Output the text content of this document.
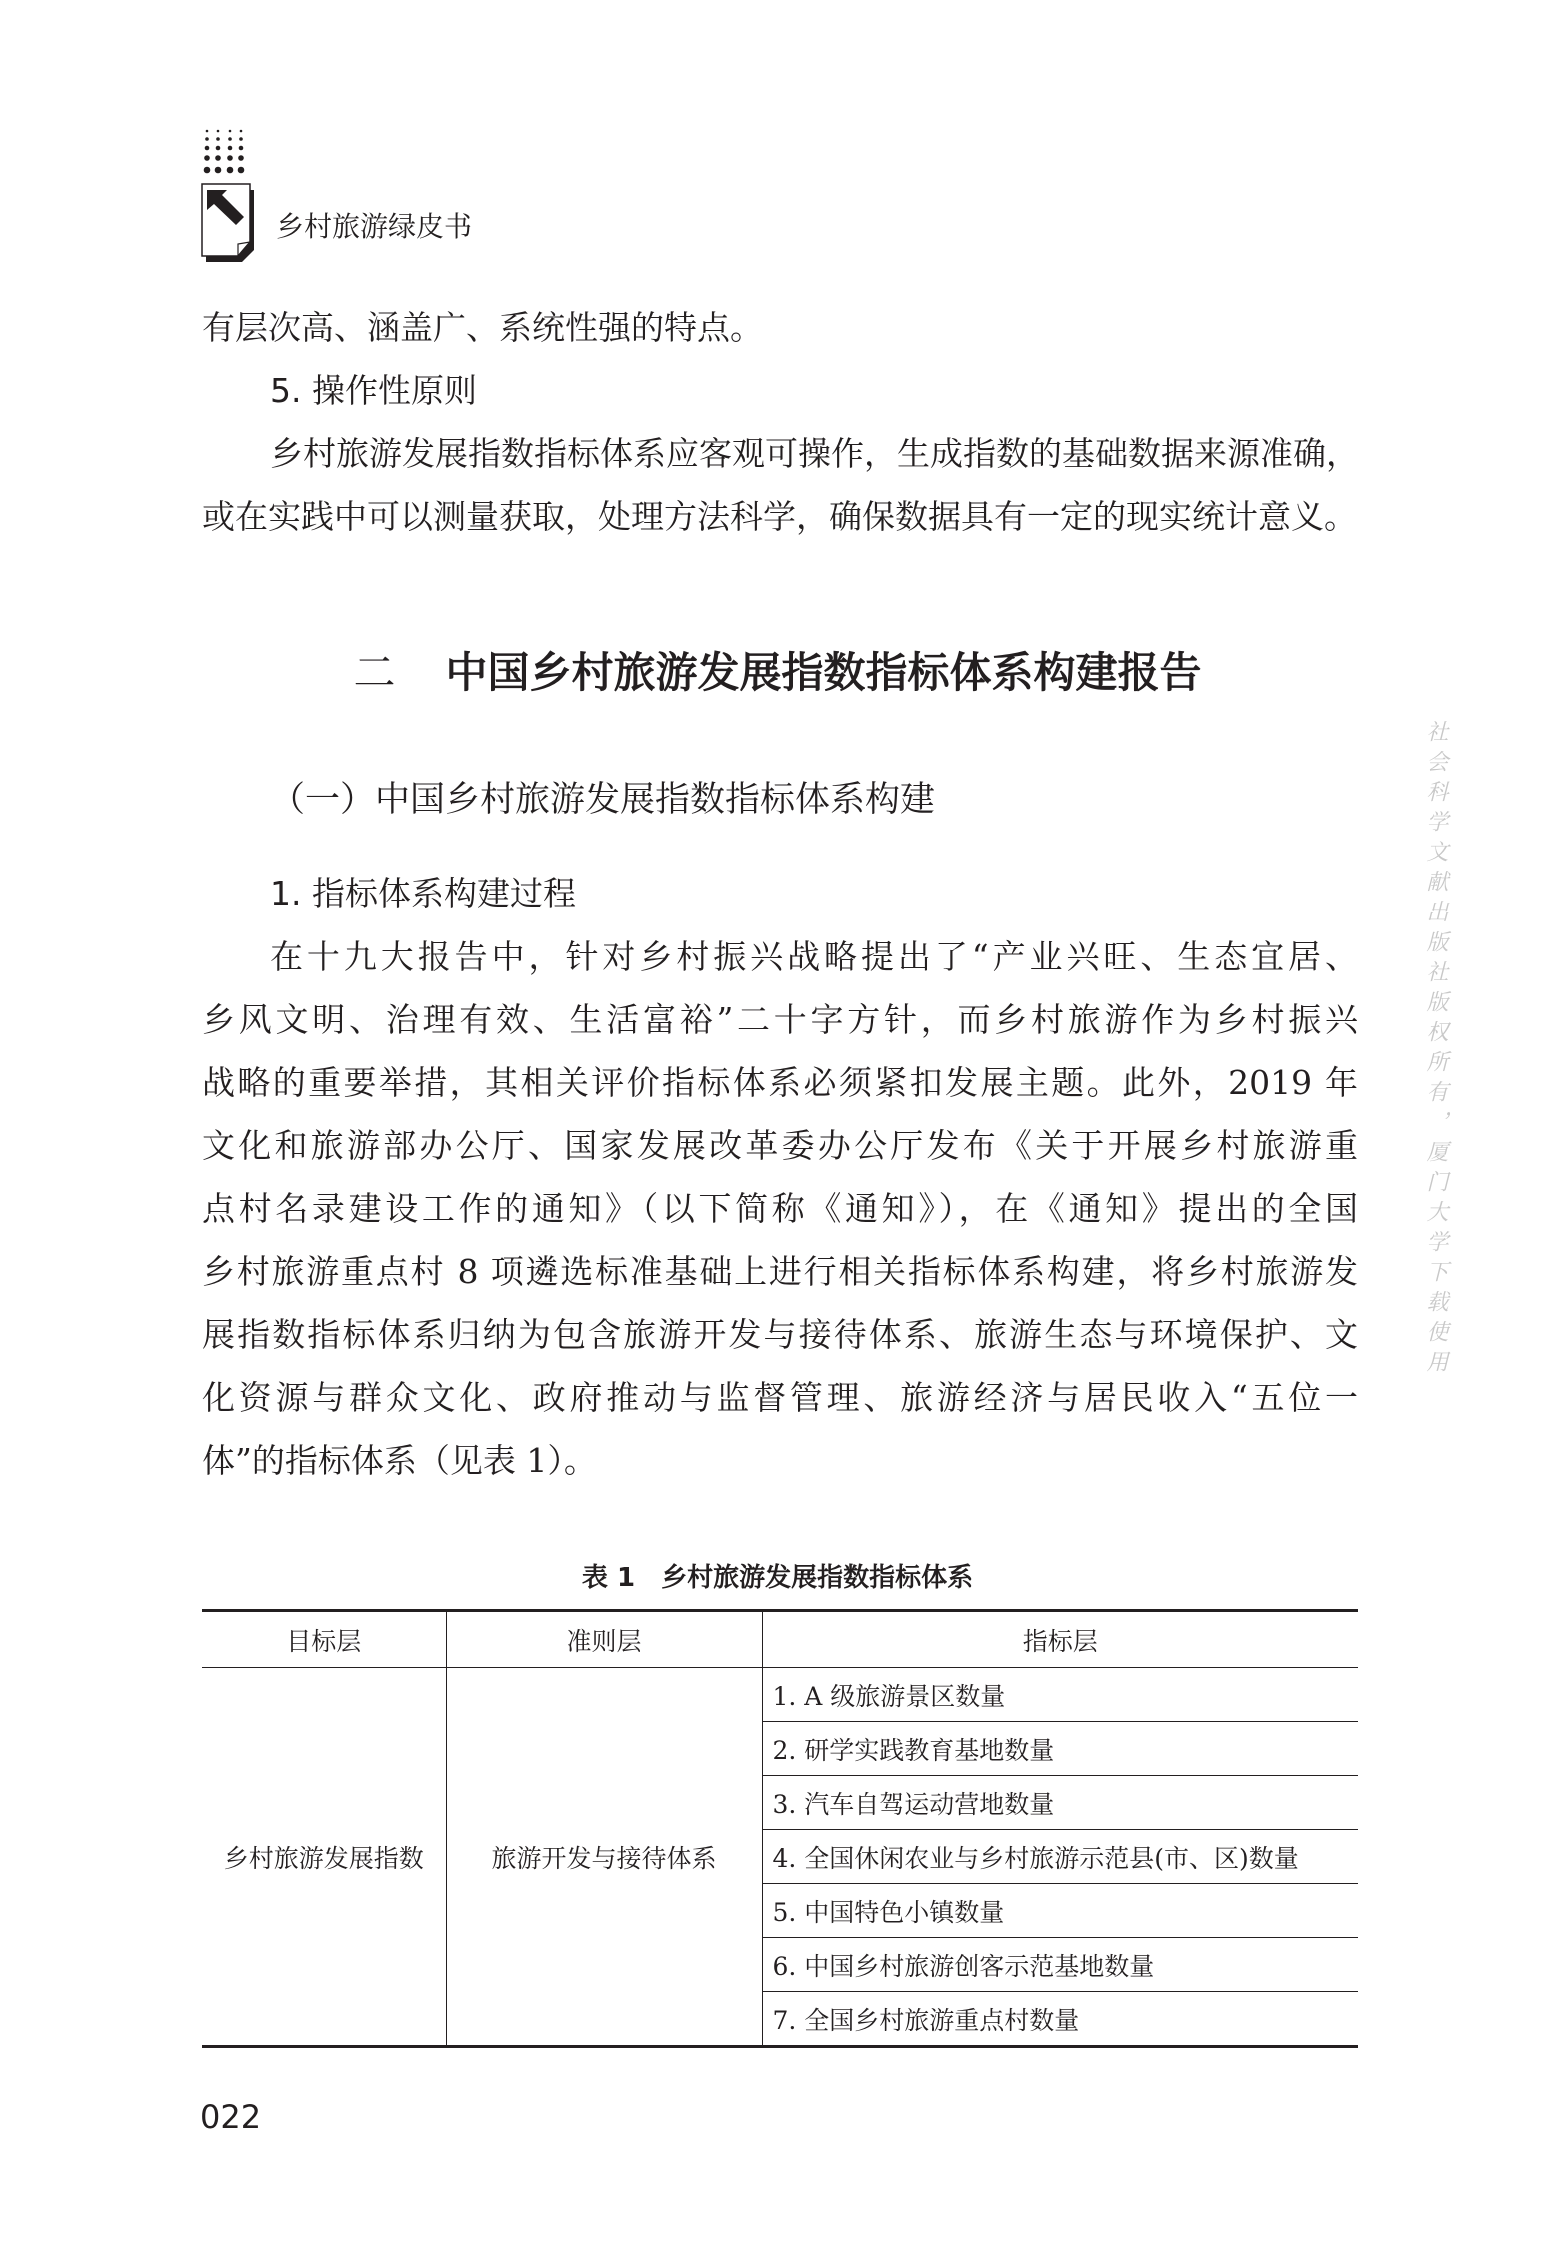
乡村旅游绿皮书
社会科学文献出版社版权所有，厦门大学下载使用
有层次高、涵盖广、系统性强的特点。
5. 操作性原则
乡村旅游发展指数指标体系应客观可操作，生成指数的基础数据来源准确，
或在实践中可以测量获取，处理方法科学，确保数据具有一定的现实统计意义。
二 中国乡村旅游发展指数指标体系构建报告
（一）中国乡村旅游发展指数指标体系构建
1. 指标体系构建过程
在十九大报告中，针对乡村振兴战略提出了“产业兴旺、生态宜居、
乡风文明、治理有效、生活富裕”二十字方针，而乡村旅游作为乡村振兴
战略的重要举措，其相关评价指标体系必须紧扣发展主题。此外，2019 年
文化和旅游部办公厅、国家发展改革委办公厅发布《关于开展乡村旅游重
点村名录建设工作的通知》（以下简称《通知》），在《通知》提出的全国
乡村旅游重点村 8 项遴选标准基础上进行相关指标体系构建，将乡村旅游发
展指数指标体系归纳为包含旅游开发与接待体系、旅游生态与环境保护、文
化资源与群众文化、政府推动与监督管理、旅游经济与居民收入“五位一
体”的指标体系（见表 1）。
表 1　乡村旅游发展指数指标体系
目标层	准则层	指标层
乡村旅游发展指数	旅游开发与接待体系	1. A 级旅游景区数量
		2. 研学实践教育基地数量
		3. 汽车自驾运动营地数量
		4. 全国休闲农业与乡村旅游示范县(市、区)数量
		5. 中国特色小镇数量
		6. 中国乡村旅游创客示范基地数量
		7. 全国乡村旅游重点村数量
022
